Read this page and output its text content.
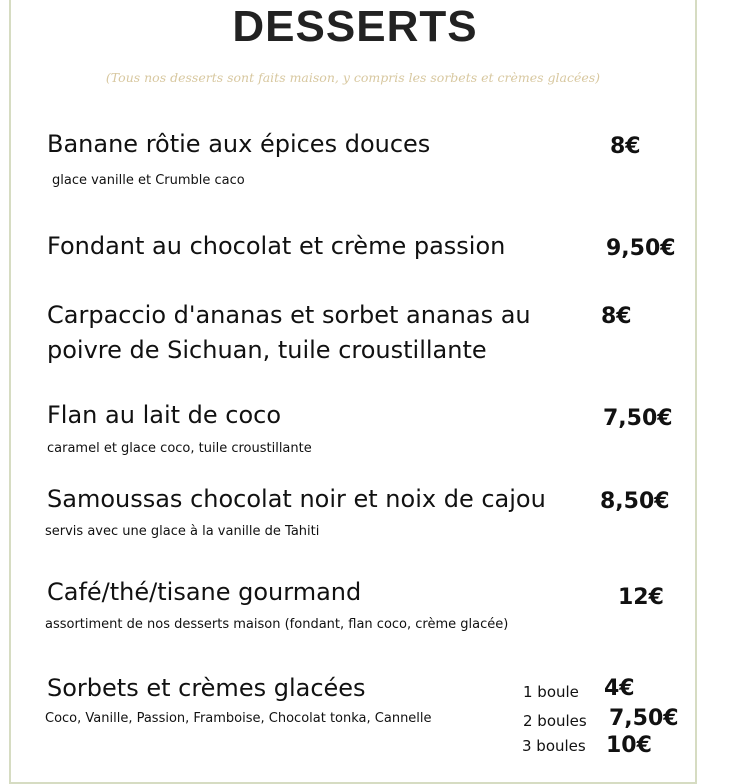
DESSERTS
(Tous nos desserts sont faits maison, y compris les sorbets et crèmes glacées)
Banane rôtie aux épices douces
glace vanille et Crumble caco
8€
Fondant au chocolat et crème passion	9,50€
Carpaccio d'ananas et sorbet ananas au
poivre de Sichuan, tuile croustillante
8€
Flan au lait de coco
caramel et glace coco, tuile croustillante
7,50€
Samoussas chocolat noir et noix de cajou
servis avec une glace à la vanille de Tahiti
8,50€
Café/thé/tisane gourmand
assortiment de nos desserts maison (fondant, flan coco, crème glacée)
12€
Sorbets et crèmes glacées
Coco, Vanille, Passion, Framboise, Chocolat tonka, Cannelle
1 boule 4€
2 boules 7,50€
3 boules 10€
